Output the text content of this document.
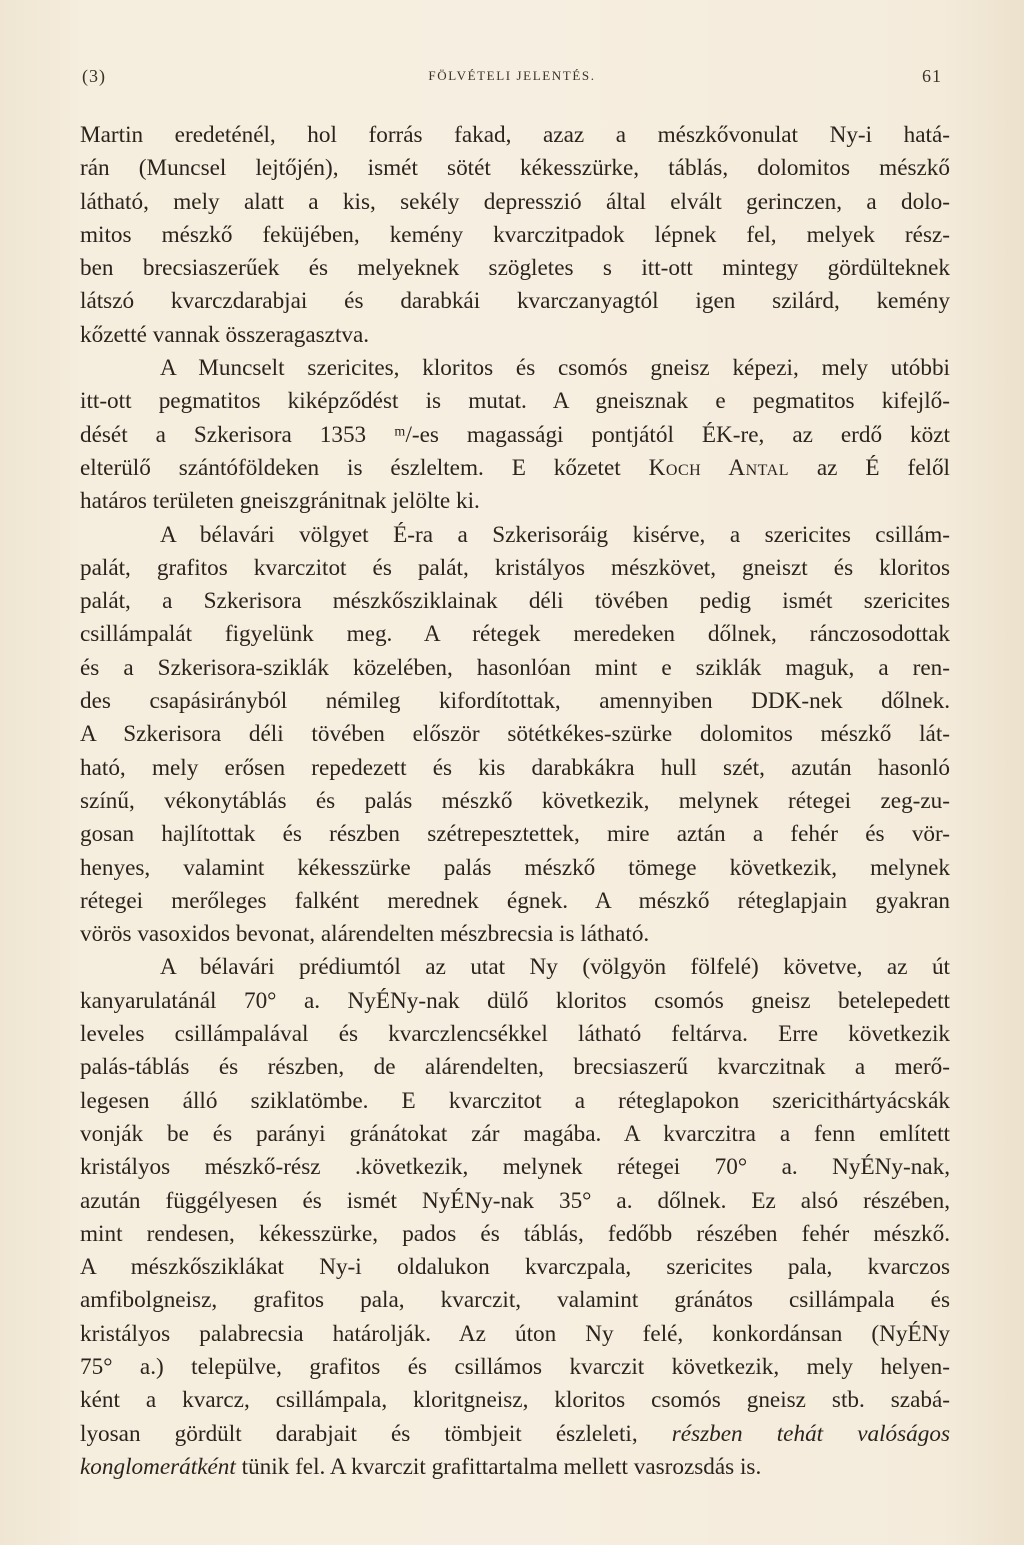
(3)	FÖLVÉTELI JELENTÉS.	61
Martin eredeténél, hol forrás fakad, azaz a mészkővonulat Ny-i hatá-
rán (Muncsel lejtőjén), ismét sötét kékesszürke, táblás, dolomitos mészkő
látható, mely alatt a kis, sekély depresszió által elvált gerinczen, a dolo-
mitos mészkő feküjében, kemény kvarczitpadok lépnek fel, melyek rész-
ben brecsiaszerűek és melyeknek szögletes s itt-ott mintegy gördülteknek
látszó kvarczdarabjai és darabkái kvarczanyagtól igen szilárd, kemény
kőzetté vannak összeragasztva.
A Muncselt szericites, kloritos és csomós gneisz képezi, mely utóbbi
itt-ott pegmatitos kiképződést is mutat. A gneisznak e pegmatitos kifejlő-
dését a Szkerisora 1353 ᵐ/-es magassági pontjától ÉK-re, az erdő közt
elterülő szántóföldeken is észleltem. E kőzetet Koch Antal az É felől
határos területen gneiszgránitnak jelölte ki.
A bélavári völgyet É-ra a Szkerisoráig kisérve, a szericites csillám-
palát, grafitos kvarczitot és palát, kristályos mészkövet, gneiszt és kloritos
palát, a Szkerisora mészkősziklainak déli tövében pedig ismét szericites
csillámpalát figyelünk meg. A rétegek meredeken dőlnek, ránczosodottak
és a Szkerisora-sziklák közelében, hasonlóan mint e sziklák maguk, a ren-
des csapásirányból némileg kifordítottak, amennyiben DDK-nek dőlnek.
A Szkerisora déli tövében először sötétkékes-szürke dolomitos mészkő lát-
ható, mely erősen repedezett és kis darabkákra hull szét, azután hasonló
színű, vékonytáblás és palás mészkő következik, melynek rétegei zeg-zu-
gosan hajlítottak és részben szétrepesztettek, mire aztán a fehér és vör-
henyes, valamint kékesszürke palás mészkő tömege következik, melynek
rétegei merőleges falként merednek égnek. A mészkő réteglapjain gyakran
vörös vasoxidos bevonat, alárendelten mészbrecsia is látható.
A bélavári prédiumtól az utat Ny (völgyön fölfelé) követve, az út
kanyarulatánál 70° a. NyÉNy-nak dülő kloritos csomós gneisz betelepedett
leveles csillámpalával és kvarczlencsékkel látható feltárva. Erre következik
palás-táblás és részben, de alárendelten, brecsiaszerű kvarczitnak a merő-
legesen álló sziklatömbe. E kvarczitot a réteglapokon szericithártyácskák
vonják be és parányi gránátokat zár magába. A kvarczitra a fenn említett
kristályos mészkő-rész .következik, melynek rétegei 70° a. NyÉNy-nak,
azután függélyesen és ismét NyÉNy-nak 35° a. dőlnek. Ez alsó részében,
mint rendesen, kékesszürke, pados és táblás, fedőbb részében fehér mészkő.
A mészkősziklákat Ny-i oldalukon kvarczpala, szericites pala, kvarczos
amfibolgneisz, grafitos pala, kvarczit, valamint gránátos csillámpala és
kristályos palabrecsia határolják. Az úton Ny felé, konkordánsan (NyÉNy
75° a.) települve, grafitos és csillámos kvarczit következik, mely helyen-
ként a kvarcz, csillámpala, kloritgneisz, kloritos csomós gneisz stb. szabá-
lyosan gördült darabjait és tömbjeit észleleti, részben tehát valóságos
konglomerátként tünik fel. A kvarczit grafittartalma mellett vasrozsdás is.
